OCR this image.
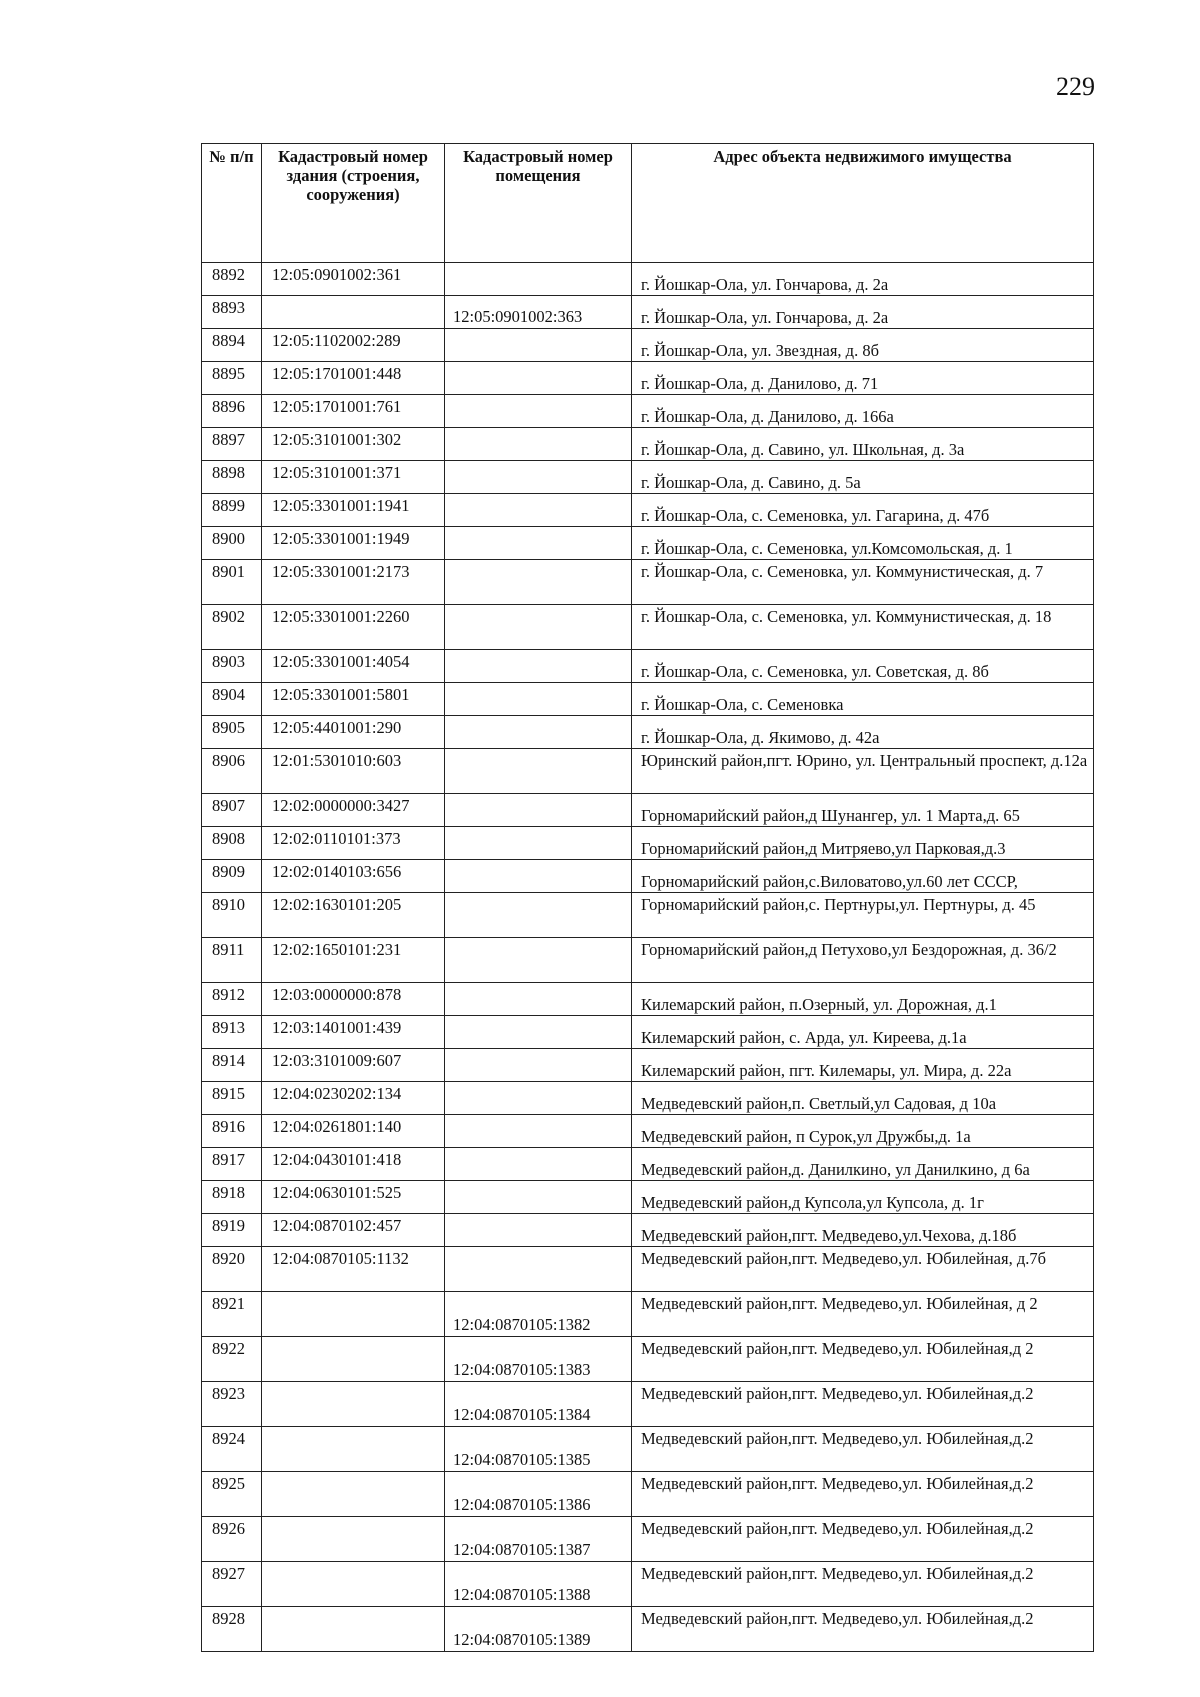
229
№ п/п	Кадастровый номер здания (строения, сооружения)	Кадастровый номер помещения	Адрес объекта недвижимого имущества
8892	12:05:0901002:361		г. Йошкар-Ола, ул. Гончарова, д. 2а
8893		12:05:0901002:363	г. Йошкар-Ола, ул. Гончарова, д. 2а
8894	12:05:1102002:289		г. Йошкар-Ола, ул. Звездная, д. 8б
8895	12:05:1701001:448		г. Йошкар-Ола, д. Данилово, д. 71
8896	12:05:1701001:761		г. Йошкар-Ола, д. Данилово, д. 166а
8897	12:05:3101001:302		г. Йошкар-Ола, д. Савино, ул. Школьная, д. 3а
8898	12:05:3101001:371		г. Йошкар-Ола, д. Савино, д. 5а
8899	12:05:3301001:1941		г. Йошкар-Ола, с. Семеновка, ул. Гагарина, д. 47б
8900	12:05:3301001:1949		г. Йошкар-Ола, с. Семеновка, ул.Комсомольская, д. 1
8901	12:05:3301001:2173		г. Йошкар-Ола, с. Семеновка, ул. Коммунистическая, д. 7
8902	12:05:3301001:2260		г. Йошкар-Ола, с. Семеновка, ул. Коммунистическая, д. 18
8903	12:05:3301001:4054		г. Йошкар-Ола, с. Семеновка, ул. Советская, д. 8б
8904	12:05:3301001:5801		г. Йошкар-Ола, с. Семеновка
8905	12:05:4401001:290		г. Йошкар-Ола, д. Якимово, д. 42а
8906	12:01:5301010:603		Юринский район,пгт. Юрино, ул. Центральный проспект, д.12а
8907	12:02:0000000:3427		Горномарийский район,д Шунангер, ул. 1 Марта,д. 65
8908	12:02:0110101:373		Горномарийский район,д Митряево,ул Парковая,д.3
8909	12:02:0140103:656		Горномарийский район,с.Виловатово,ул.60 лет СССР,
8910	12:02:1630101:205		Горномарийский район,с. Пертнуры,ул. Пертнуры, д. 45
8911	12:02:1650101:231		Горномарийский район,д Петухово,ул Бездорожная, д. 36/2
8912	12:03:0000000:878		Килемарский район, п.Озерный, ул. Дорожная, д.1
8913	12:03:1401001:439		Килемарский район, с. Арда, ул. Киреева, д.1а
8914	12:03:3101009:607		Килемарский район, пгт. Килемары, ул. Мира, д. 22а
8915	12:04:0230202:134		Медведевский район,п. Светлый,ул Садовая, д 10а
8916	12:04:0261801:140		Медведевский район, п Сурок,ул Дружбы,д. 1а
8917	12:04:0430101:418		Медведевский район,д. Данилкино, ул Данилкино, д 6а
8918	12:04:0630101:525		Медведевский район,д Купсола,ул Купсола, д. 1г
8919	12:04:0870102:457		Медведевский район,пгт. Медведево,ул.Чехова, д.18б
8920	12:04:0870105:1132		Медведевский район,пгт. Медведево,ул. Юбилейная, д.7б
8921		12:04:0870105:1382	Медведевский район,пгт. Медведево,ул. Юбилейная, д 2
8922		12:04:0870105:1383	Медведевский район,пгт. Медведево,ул. Юбилейная,д 2
8923		12:04:0870105:1384	Медведевский район,пгт. Медведево,ул. Юбилейная,д.2
8924		12:04:0870105:1385	Медведевский район,пгт. Медведево,ул. Юбилейная,д.2
8925		12:04:0870105:1386	Медведевский район,пгт. Медведево,ул. Юбилейная,д.2
8926		12:04:0870105:1387	Медведевский район,пгт. Медведево,ул. Юбилейная,д.2
8927		12:04:0870105:1388	Медведевский район,пгт. Медведево,ул. Юбилейная,д.2
8928		12:04:0870105:1389	Медведевский район,пгт. Медведево,ул. Юбилейная,д.2
